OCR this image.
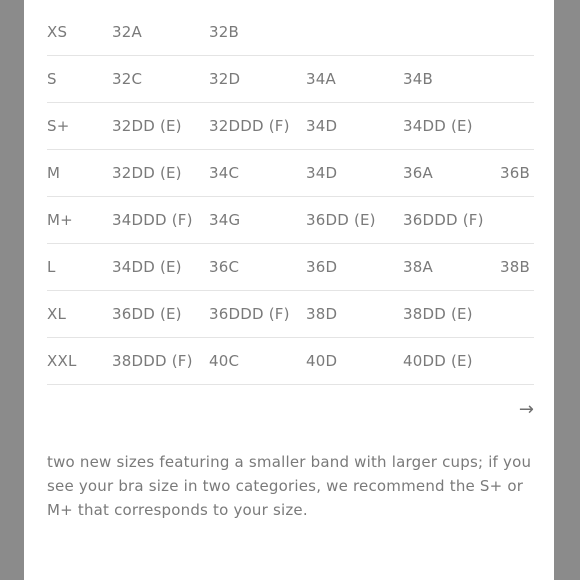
XS	32A	32B			
S	32C	32D	34A	34B	
S+	32DD (E)	32DDD (F)	34D	34DD (E)	
M	32DD (E)	34C	34D	36A	36B
M+	34DDD (F)	34G	36DD (E)	36DDD (F)	
L	34DD (E)	36C	36D	38A	38B
XL	36DD (E)	36DDD (F)	38D	38DD (E)	
XXL	38DDD (F)	40C	40D	40DD (E)	
→
two new sizes featuring a smaller band with larger cups; if you see your bra size in two categories, we recommend the S+ or M+ that corresponds to your size.
